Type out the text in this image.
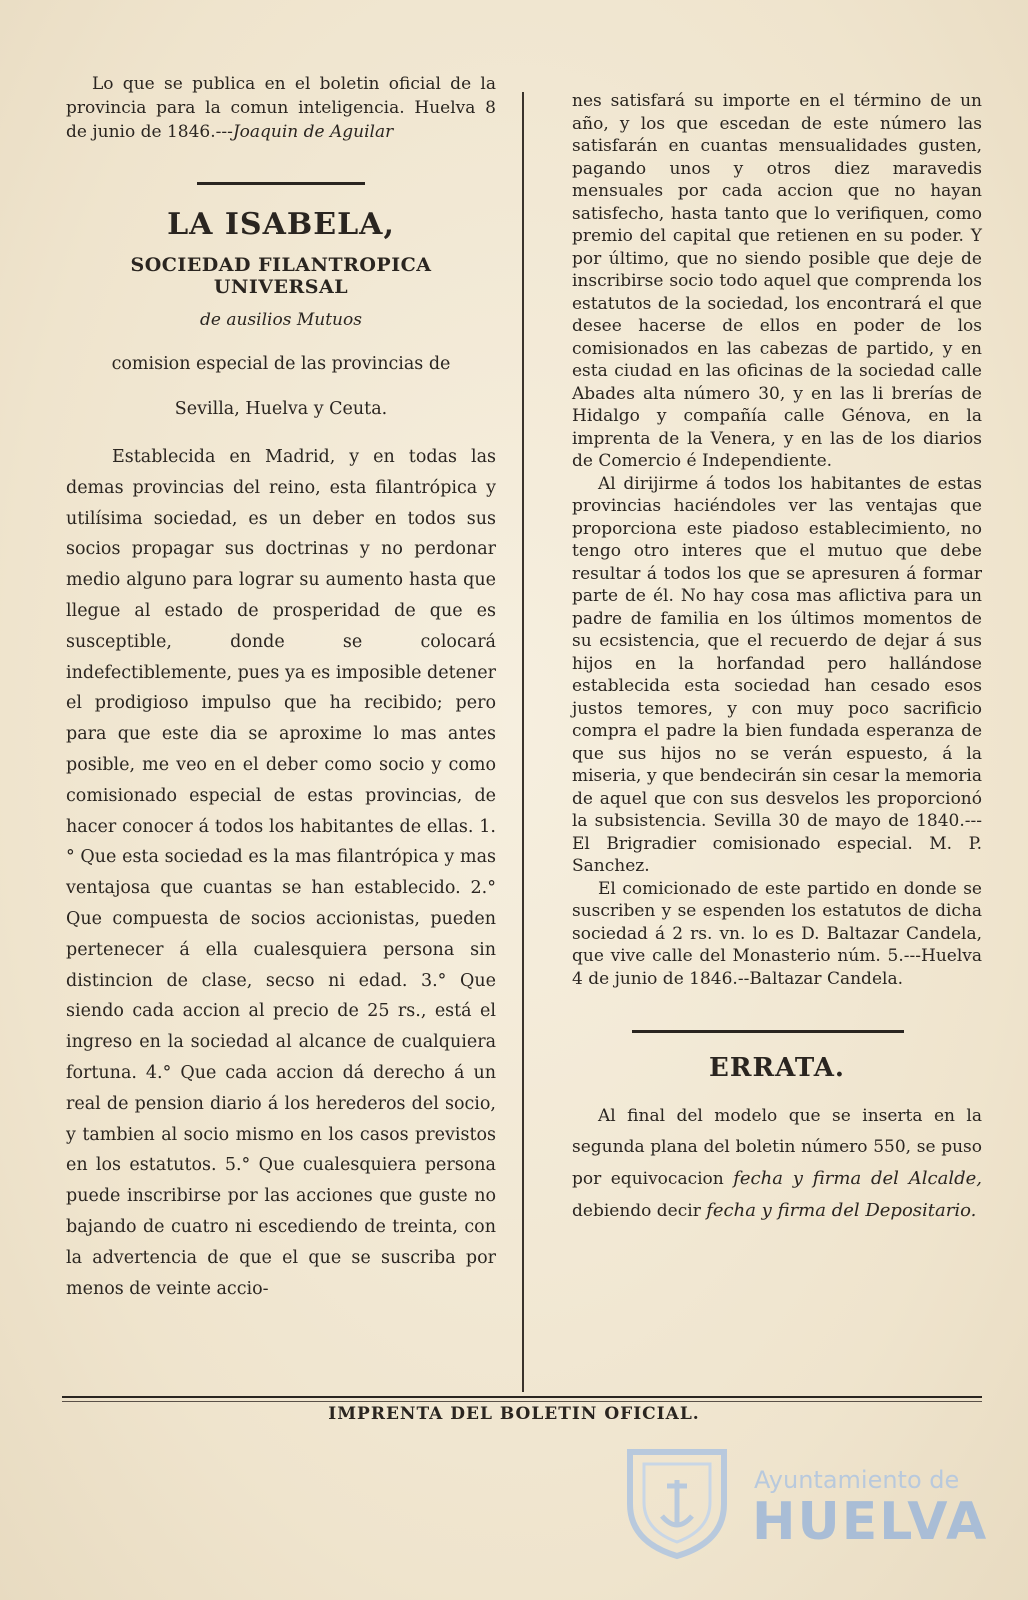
Lo que se publica en el boletin oficial de la provincia para la comun inteligencia. Huelva 8 de junio de 1846.---Joaquin de Aguilar

LA ISABELA,
SOCIEDAD FILANTROPICA UNIVERSAL
de ausilios Mutuos
comision especial de las provincias de
Sevilla, Huelva y Ceuta.

Establecida en Madrid, y en todas las demas provincias del reino, esta filantrópica y utilísima sociedad, es un deber en todos sus socios propagar sus doctrinas y no perdonar medio alguno para lograr su aumento hasta que llegue al estado de prosperidad de que es susceptible, donde se colocará indefectiblemente, pues ya es imposible detener el prodigioso impulso que ha recibido; pero para que este dia se aproxime lo mas antes posible, me veo en el deber como socio y como comisionado especial de estas provincias, de hacer conocer á todos los habitantes de ellas. 1.° Que esta sociedad es la mas filantrópica y mas ventajosa que cuantas se han establecido. 2.° Que compuesta de socios accionistas, pueden pertenecer á ella cualesquiera persona sin distincion de clase, secso ni edad. 3.° Que siendo cada accion al precio de 25 rs., está el ingreso en la sociedad al alcance de cualquiera fortuna. 4.° Que cada accion dá derecho á un real de pension diario á los herederos del socio, y tambien al socio mismo en los casos previstos en los estatutos. 5.° Que cualesquiera persona puede inscribirse por las acciones que guste no bajando de cuatro ni escediendo de treinta, con la advertencia de que el que se suscriba por menos de veinte accio-

nes satisfará su importe en el término de un año, y los que escedan de este número las satisfarán en cuantas mensualidades gusten, pagando unos y otros diez maravedis mensuales por cada accion que no hayan satisfecho, hasta tanto que lo verifiquen, como premio del capital que retienen en su poder. Y por último, que no siendo posible que deje de inscribirse socio todo aquel que comprenda los estatutos de la sociedad, los encontrará el que desee hacerse de ellos en poder de los comisionados en las cabezas de partido, y en esta ciudad en las oficinas de la sociedad calle Abades alta número 30, y en las li brerías de Hidalgo y compañía calle Génova, en la imprenta de la Venera, y en las de los diarios de Comercio é Independiente.

Al dirijirme á todos los habitantes de estas provincias haciéndoles ver las ventajas que proporciona este piadoso establecimiento, no tengo otro interes que el mutuo que debe resultar á todos los que se apresuren á formar parte de él. No hay cosa mas aflictiva para un padre de familia en los últimos momentos de su ecsistencia, que el recuerdo de dejar á sus hijos en la horfandad pero hallándose establecida esta sociedad han cesado esos justos temores, y con muy poco sacrificio compra el padre la bien fundada esperanza de que sus hijos no se verán espuesto, á la miseria, y que bendecirán sin cesar la memoria de aquel que con sus desvelos les proporcionó la subsistencia. Sevilla 30 de mayo de 1840.---El Brigradier comisionado especial. M. P. Sanchez.

El comicionado de este partido en donde se suscriben y se espenden los estatutos de dicha sociedad á 2 rs. vn. lo es D. Baltazar Candela, que vive calle del Monasterio núm. 5.---Huelva 4 de junio de 1846.--Baltazar Candela.

ERRATA.

Al final del modelo que se inserta en la segunda plana del boletin número 550, se puso por equivocacion fecha y firma del Alcalde, debiendo decir fecha y firma del Depositario.

IMPRENTA DEL BOLETIN OFICIAL.
Ayuntamiento de
HUELVA
